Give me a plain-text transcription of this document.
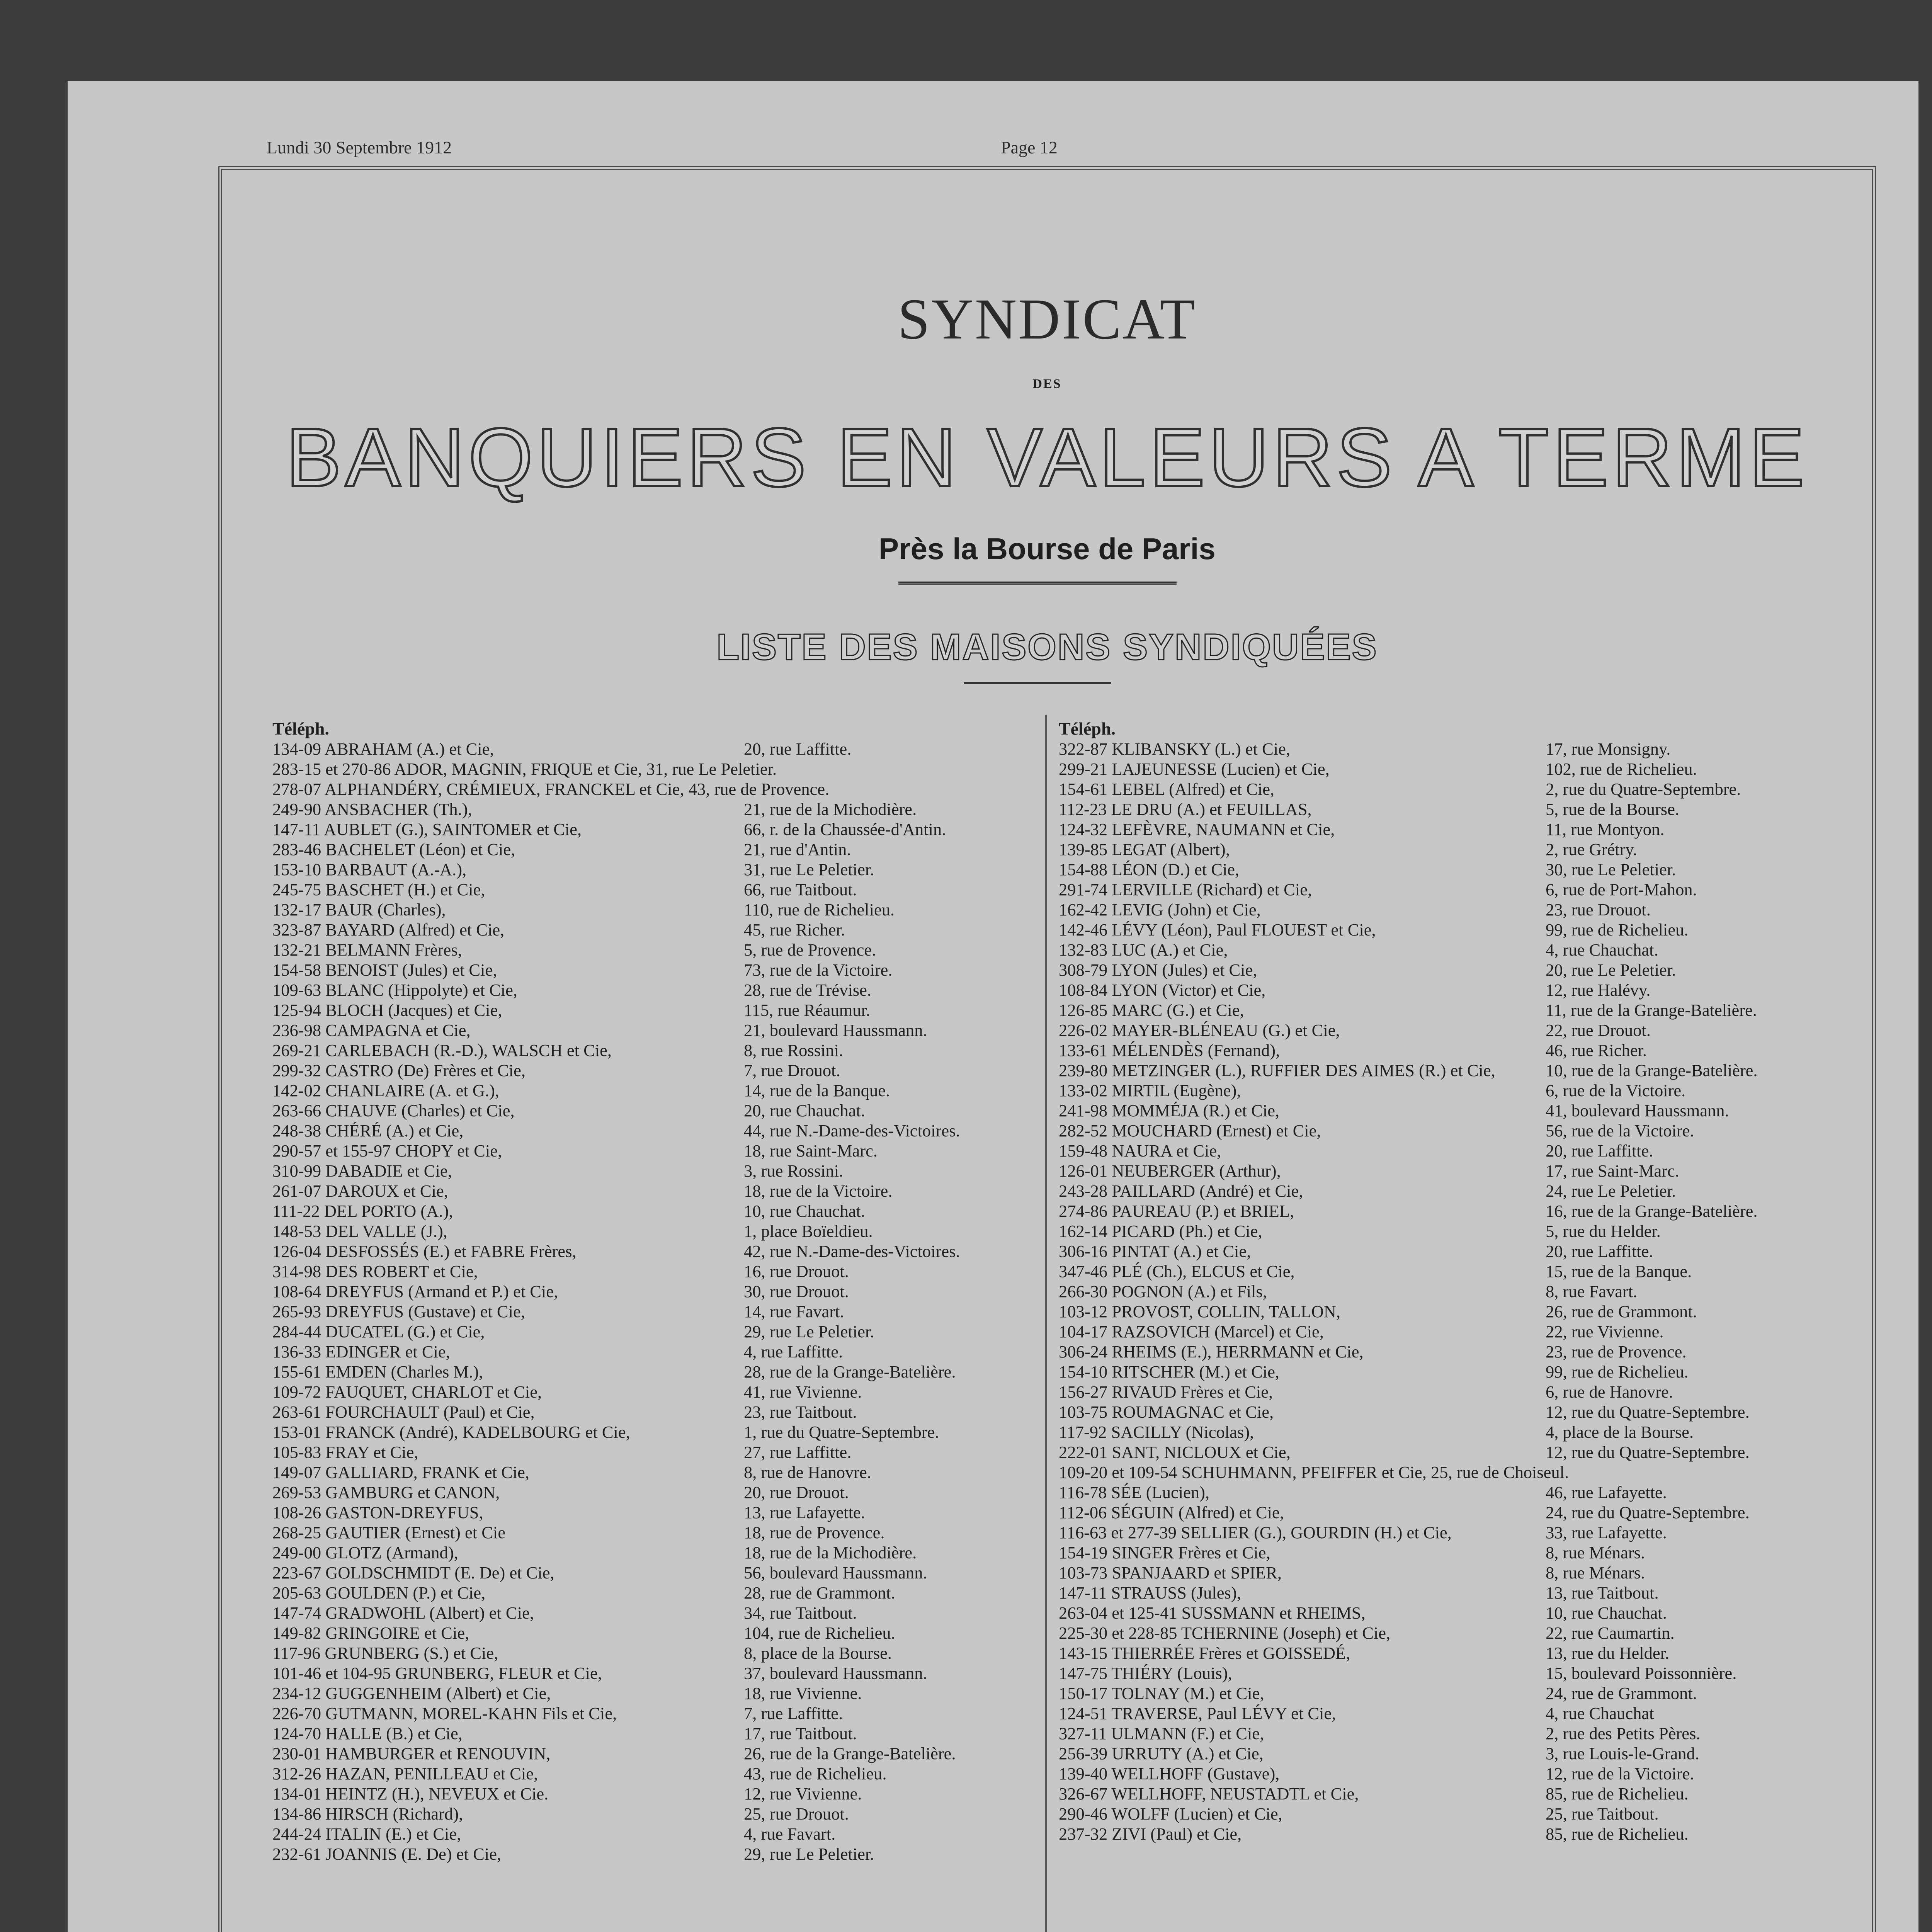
Lundi 30 Septembre 1912	Page 12
SYNDICAT
DES
BANQUIERS EN VALEURS A TERME
Près la Bourse de Paris
LISTE DES MAISONS SYNDIQUÉES
Téléph.
134-09 ABRAHAM (A.) et Cie,	20, rue Laffitte.
283-15 et 270-86 ADOR, MAGNIN, FRIQUE et Cie, 31, rue Le Peletier.
278-07 ALPHANDÉRY, CRÉMIEUX, FRANCKEL et Cie, 43, rue de Provence.
249-90 ANSBACHER (Th.),	21, rue de la Michodière.
147-11 AUBLET (G.), SAINTOMER et Cie,	66, r. de la Chaussée-d'Antin.
283-46 BACHELET (Léon) et Cie,	21, rue d'Antin.
153-10 BARBAUT (A.-A.),	31, rue Le Peletier.
245-75 BASCHET (H.) et Cie,	66, rue Taitbout.
132-17 BAUR (Charles),	110, rue de Richelieu.
323-87 BAYARD (Alfred) et Cie,	45, rue Richer.
132-21 BELMANN Frères,	5, rue de Provence.
154-58 BENOIST (Jules) et Cie,	73, rue de la Victoire.
109-63 BLANC (Hippolyte) et Cie,	28, rue de Trévise.
125-94 BLOCH (Jacques) et Cie,	115, rue Réaumur.
236-98 CAMPAGNA et Cie,	21, boulevard Haussmann.
269-21 CARLEBACH (R.-D.), WALSCH et Cie,	8, rue Rossini.
299-32 CASTRO (De) Frères et Cie,	7, rue Drouot.
142-02 CHANLAIRE (A. et G.),	14, rue de la Banque.
263-66 CHAUVE (Charles) et Cie,	20, rue Chauchat.
248-38 CHÉRÉ (A.) et Cie,	44, rue N.-Dame-des-Victoires.
290-57 et 155-97 CHOPY et Cie,	18, rue Saint-Marc.
310-99 DABADIE et Cie,	3, rue Rossini.
261-07 DAROUX et Cie,	18, rue de la Victoire.
111-22 DEL PORTO (A.),	10, rue Chauchat.
148-53 DEL VALLE (J.),	1, place Boïeldieu.
126-04 DESFOSSÉS (E.) et FABRE Frères,	42, rue N.-Dame-des-Victoires.
314-98 DES ROBERT et Cie,	16, rue Drouot.
108-64 DREYFUS (Armand et P.) et Cie,	30, rue Drouot.
265-93 DREYFUS (Gustave) et Cie,	14, rue Favart.
284-44 DUCATEL (G.) et Cie,	29, rue Le Peletier.
136-33 EDINGER et Cie,	4, rue Laffitte.
155-61 EMDEN (Charles M.),	28, rue de la Grange-Batelière.
109-72 FAUQUET, CHARLOT et Cie,	41, rue Vivienne.
263-61 FOURCHAULT (Paul) et Cie,	23, rue Taitbout.
153-01 FRANCK (André), KADELBOURG et Cie,	1, rue du Quatre-Septembre.
105-83 FRAY et Cie,	27, rue Laffitte.
149-07 GALLIARD, FRANK et Cie,	8, rue de Hanovre.
269-53 GAMBURG et CANON,	20, rue Drouot.
108-26 GASTON-DREYFUS,	13, rue Lafayette.
268-25 GAUTIER (Ernest) et Cie	18, rue de Provence.
249-00 GLOTZ (Armand),	18, rue de la Michodière.
223-67 GOLDSCHMIDT (E. De) et Cie,	56, boulevard Haussmann.
205-63 GOULDEN (P.) et Cie,	28, rue de Grammont.
147-74 GRADWOHL (Albert) et Cie,	34, rue Taitbout.
149-82 GRINGOIRE et Cie,	104, rue de Richelieu.
117-96 GRUNBERG (S.) et Cie,	8, place de la Bourse.
101-46 et 104-95 GRUNBERG, FLEUR et Cie,	37, boulevard Haussmann.
234-12 GUGGENHEIM (Albert) et Cie,	18, rue Vivienne.
226-70 GUTMANN, MOREL-KAHN Fils et Cie,	7, rue Laffitte.
124-70 HALLE (B.) et Cie,	17, rue Taitbout.
230-01 HAMBURGER et RENOUVIN,	26, rue de la Grange-Batelière.
312-26 HAZAN, PENILLEAU et Cie,	43, rue de Richelieu.
134-01 HEINTZ (H.), NEVEUX et Cie.	12, rue Vivienne.
134-86 HIRSCH (Richard),	25, rue Drouot.
244-24 ITALIN (E.) et Cie,	4, rue Favart.
232-61 JOANNIS (E. De) et Cie,	29, rue Le Peletier.
Téléph.
322-87 KLIBANSKY (L.) et Cie,	17, rue Monsigny.
299-21 LAJEUNESSE (Lucien) et Cie,	102, rue de Richelieu.
154-61 LEBEL (Alfred) et Cie,	2, rue du Quatre-Septembre.
112-23 LE DRU (A.) et FEUILLAS,	5, rue de la Bourse.
124-32 LEFÈVRE, NAUMANN et Cie,	11, rue Montyon.
139-85 LEGAT (Albert),	2, rue Grétry.
154-88 LÉON (D.) et Cie,	30, rue Le Peletier.
291-74 LERVILLE (Richard) et Cie,	6, rue de Port-Mahon.
162-42 LEVIG (John) et Cie,	23, rue Drouot.
142-46 LÉVY (Léon), Paul FLOUEST et Cie,	99, rue de Richelieu.
132-83 LUC (A.) et Cie,	4, rue Chauchat.
308-79 LYON (Jules) et Cie,	20, rue Le Peletier.
108-84 LYON (Victor) et Cie,	12, rue Halévy.
126-85 MARC (G.) et Cie,	11, rue de la Grange-Batelière.
226-02 MAYER-BLÉNEAU (G.) et Cie,	22, rue Drouot.
133-61 MÉLENDÈS (Fernand),	46, rue Richer.
239-80 METZINGER (L.), RUFFIER DES AIMES (R.) et Cie,	10, rue de la Grange-Batelière.
133-02 MIRTIL (Eugène),	6, rue de la Victoire.
241-98 MOMMÉJA (R.) et Cie,	41, boulevard Haussmann.
282-52 MOUCHARD (Ernest) et Cie,	56, rue de la Victoire.
159-48 NAURA et Cie,	20, rue Laffitte.
126-01 NEUBERGER (Arthur),	17, rue Saint-Marc.
243-28 PAILLARD (André) et Cie,	24, rue Le Peletier.
274-86 PAUREAU (P.) et BRIEL,	16, rue de la Grange-Batelière.
162-14 PICARD (Ph.) et Cie,	5, rue du Helder.
306-16 PINTAT (A.) et Cie,	20, rue Laffitte.
347-46 PLÉ (Ch.), ELCUS et Cie,	15, rue de la Banque.
266-30 POGNON (A.) et Fils,	8, rue Favart.
103-12 PROVOST, COLLIN, TALLON,	26, rue de Grammont.
104-17 RAZSOVICH (Marcel) et Cie,	22, rue Vivienne.
306-24 RHEIMS (E.), HERRMANN et Cie,	23, rue de Provence.
154-10 RITSCHER (M.) et Cie,	99, rue de Richelieu.
156-27 RIVAUD Frères et Cie,	6, rue de Hanovre.
103-75 ROUMAGNAC et Cie,	12, rue du Quatre-Septembre.
117-92 SACILLY (Nicolas),	4, place de la Bourse.
222-01 SANT, NICLOUX et Cie,	12, rue du Quatre-Septembre.
109-20 et 109-54 SCHUHMANN, PFEIFFER et Cie, 25, rue de Choiseul.
116-78 SÉE (Lucien),	46, rue Lafayette.
112-06 SÉGUIN (Alfred) et Cie,	24, rue du Quatre-Septembre.
116-63 et 277-39 SELLIER (G.), GOURDIN (H.) et Cie,	33, rue Lafayette.
154-19 SINGER Frères et Cie,	8, rue Ménars.
103-73 SPANJAARD et SPIER,	8, rue Ménars.
147-11 STRAUSS (Jules),	13, rue Taitbout.
263-04 et 125-41 SUSSMANN et RHEIMS,	10, rue Chauchat.
225-30 et 228-85 TCHERNINE (Joseph) et Cie,	22, rue Caumartin.
143-15 THIERRÉE Frères et GOISSEDÉ,	13, rue du Helder.
147-75 THIÉRY (Louis),	15, boulevard Poissonnière.
150-17 TOLNAY (M.) et Cie,	24, rue de Grammont.
124-51 TRAVERSE, Paul LÉVY et Cie,	4, rue Chauchat
327-11 ULMANN (F.) et Cie,	2, rue des Petits Pères.
256-39 URRUTY (A.) et Cie,	3, rue Louis-le-Grand.
139-40 WELLHOFF (Gustave),	12, rue de la Victoire.
326-67 WELLHOFF, NEUSTADTL et Cie,	85, rue de Richelieu.
290-46 WOLFF (Lucien) et Cie,	25, rue Taitbout.
237-32 ZIVI (Paul) et Cie,	85, rue de Richelieu.
